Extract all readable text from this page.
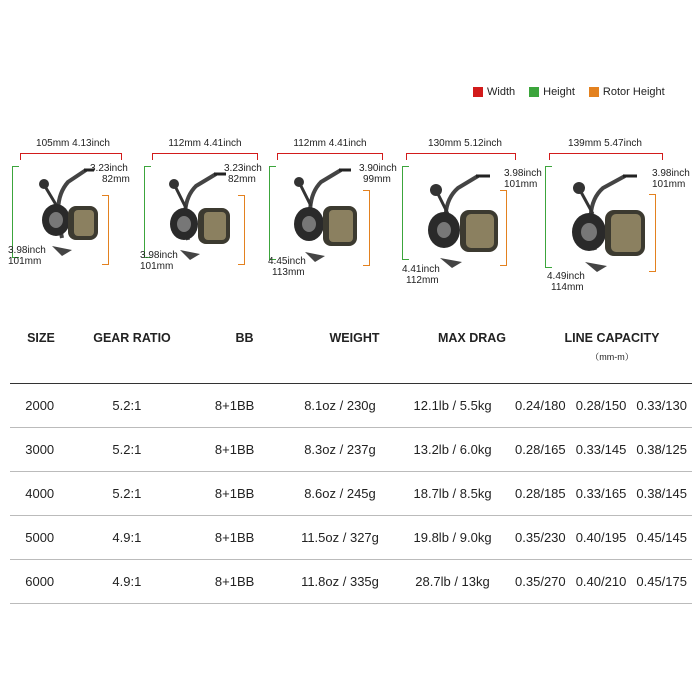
Width	Height	Rotor Height
105mm 4.13inch
3.23inch
82mm
3.98inch
101mm
112mm 4.41inch
3.23inch
82mm
3.98inch
101mm
112mm 4.41inch
3.90inch
99mm
4.45inch
113mm
130mm 5.12inch
3.98inch
101mm
4.41inch
112mm
139mm 5.47inch
3.98inch
101mm
4.49inch
114mm
SIZE	GEAR RATIO	BB	WEIGHT	MAX DRAG	LINE CAPACITY
（mm-m）
2000	5.2:1	8+1BB	8.1oz / 230g	12.1lb / 5.5kg	0.24/180 0.28/150 0.33/130
3000	5.2:1	8+1BB	8.3oz / 237g	13.2lb / 6.0kg	0.28/165 0.33/145 0.38/125
4000	5.2:1	8+1BB	8.6oz / 245g	18.7lb / 8.5kg	0.28/185 0.33/165 0.38/145
5000	4.9:1	8+1BB	11.5oz / 327g	19.8lb / 9.0kg	0.35/230 0.40/195 0.45/145
6000	4.9:1	8+1BB	11.8oz / 335g	28.7lb / 13kg	0.35/270 0.40/210 0.45/175
